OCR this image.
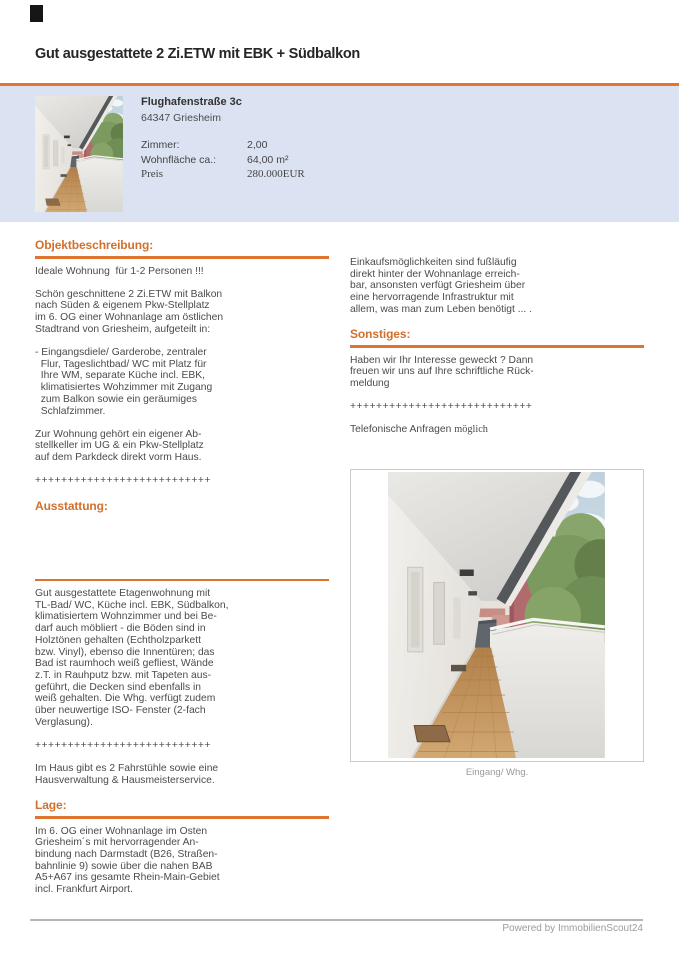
Gut ausgestattete 2 Zi.ETW mit EBK + Südbalkon

Flughafenstraße 3c

64347 Griesheim

Zimmer:	2,00
Wohnfläche ca.:	64,00 m²
Preis	280.000EUR
Objektbeschreibung:
Ideale Wohnung  für 1-2 Personen !!!
Schön geschnittene 2 Zi.ETW mit Balkon
nach Süden & eigenem Pkw-Stellplatz
im 6. OG einer Wohnanlage am östlichen
Stadtrand von Griesheim, aufgeteilt in:
- Eingangsdiele/ Garderobe, zentraler
Flur, Tageslichtbad/ WC mit Platz für
Ihre WM, separate Küche incl. EBK,
klimatisiertes Wohzimmer mit Zugang
zum Balkon sowie ein geräumiges
Schlafzimmer.
Zur Wohnung gehört ein eigener Ab-
stellkeller im UG & ein Pkw-Stellplatz
auf dem Parkdeck direkt vorm Haus.
+++++++++++++++++++++++++++
Ausstattung:
Gut ausgestattete Etagenwohnung mit
TL-Bad/ WC, Küche incl. EBK, Südbalkon,
klimatisiertem Wohnzimmer und bei Be-
darf auch möbliert - die Böden sind in
Holztönen gehalten (Echtholzparkett
bzw. Vinyl), ebenso die Innentüren; das
Bad ist raumhoch weiß gefliest, Wände
z.T. in Rauhputz bzw. mit Tapeten aus-
geführt, die Decken sind ebenfalls in
weiß gehalten. Die Whg. verfügt zudem
über neuwertige ISO- Fenster (2-fach
Verglasung).
+++++++++++++++++++++++++++
Im Haus gibt es 2 Fahrstühle sowie eine
Hausverwaltung & Hausmeisterservice.
Lage:
Im 6. OG einer Wohnanlage im Osten
Griesheim´s mit hervorragender An-
bindung nach Darmstadt (B26, Straßen-
bahnlinie 9) sowie über die nahen BAB
A5+A67 ins gesamte Rhein-Main-Gebiet
incl. Frankfurt Airport.
Einkaufsmöglichkeiten sind fußläufig
direkt hinter der Wohnanlage erreich-
bar, ansonsten verfügt Griesheim über
eine hervorragende Infrastruktur mit
allem, was man zum Leben benötigt ... .
Sonstiges:
Haben wir Ihr Interesse geweckt ? Dann
freuen wir uns auf Ihre schriftliche Rück-
meldung
++++++++++++++++++++++++++++

Telefonische Anfragen möglich

Eingang/ Whg.
Powered by ImmobilienScout24
